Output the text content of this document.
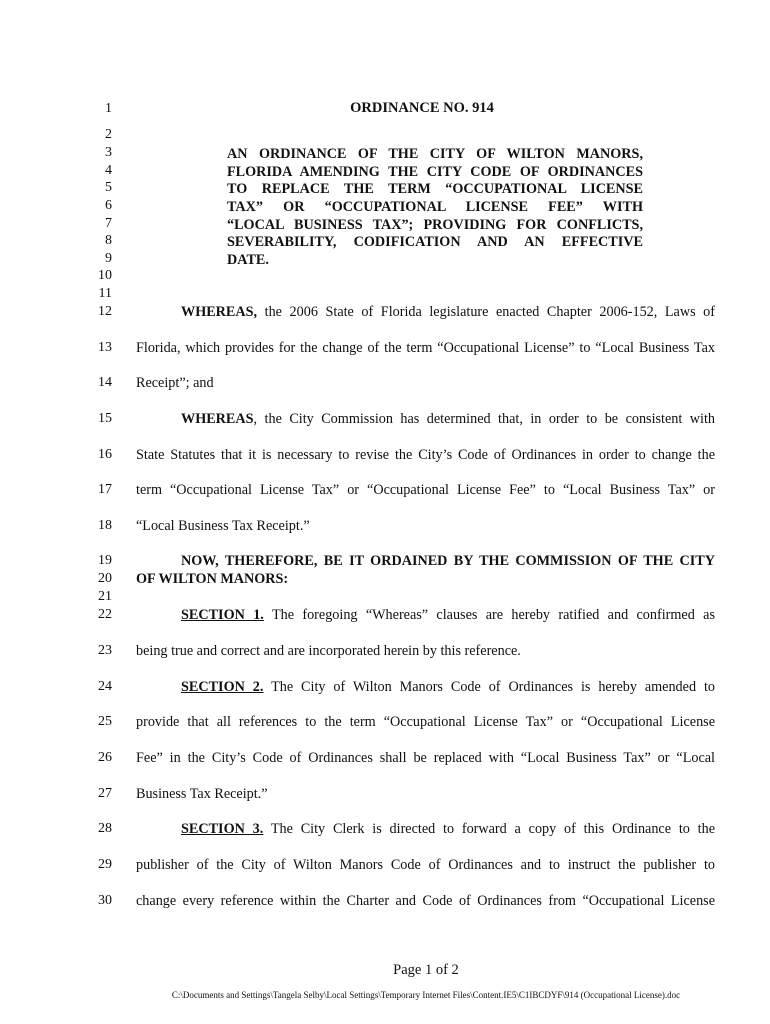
1
2
3
4
5
6
7
8
9
10
11
12
13
14
15
16
17
18
19
20
21
22
23
24
25
26
27
28
29
30
ORDINANCE NO. 914
AN ORDINANCE OF THE CITY OF WILTON MANORS,
FLORIDA AMENDING THE CITY CODE OF ORDINANCES
TO REPLACE THE TERM “OCCUPATIONAL LICENSE
TAX” OR “OCCUPATIONAL LICENSE FEE” WITH
“LOCAL BUSINESS TAX”; PROVIDING FOR CONFLICTS,
SEVERABILITY, CODIFICATION AND AN EFFECTIVE
DATE.
WHEREAS, the 2006 State of Florida legislature enacted Chapter 2006-152, Laws of
Florida, which provides for the change of the term “Occupational License” to “Local Business Tax
Receipt”; and
WHEREAS, the City Commission has determined that, in order to be consistent with
State Statutes that it is necessary to revise the City’s Code of Ordinances in order to change the
term “Occupational License Tax” or “Occupational License Fee” to “Local Business Tax” or
“Local Business Tax Receipt.”
NOW, THEREFORE, BE IT ORDAINED BY THE COMMISSION OF THE CITY
OF WILTON MANORS:
SECTION 1. The foregoing “Whereas” clauses are hereby ratified and confirmed as
being true and correct and are incorporated herein by this reference.
SECTION 2. The City of Wilton Manors Code of Ordinances is hereby amended to
provide that all references to the term “Occupational License Tax” or “Occupational License
Fee” in the City’s Code of Ordinances shall be replaced with “Local Business Tax” or “Local
Business Tax Receipt.”
SECTION 3. The City Clerk is directed to forward a copy of this Ordinance to the
publisher of the City of Wilton Manors Code of Ordinances and to instruct the publisher to
change every reference within the Charter and Code of Ordinances from “Occupational License
Page 1 of 2
C:\Documents and Settings\Tangela Selby\Local Settings\Temporary Internet Files\Content.IE5\C1IBCDYF\914 (Occupational License).doc
